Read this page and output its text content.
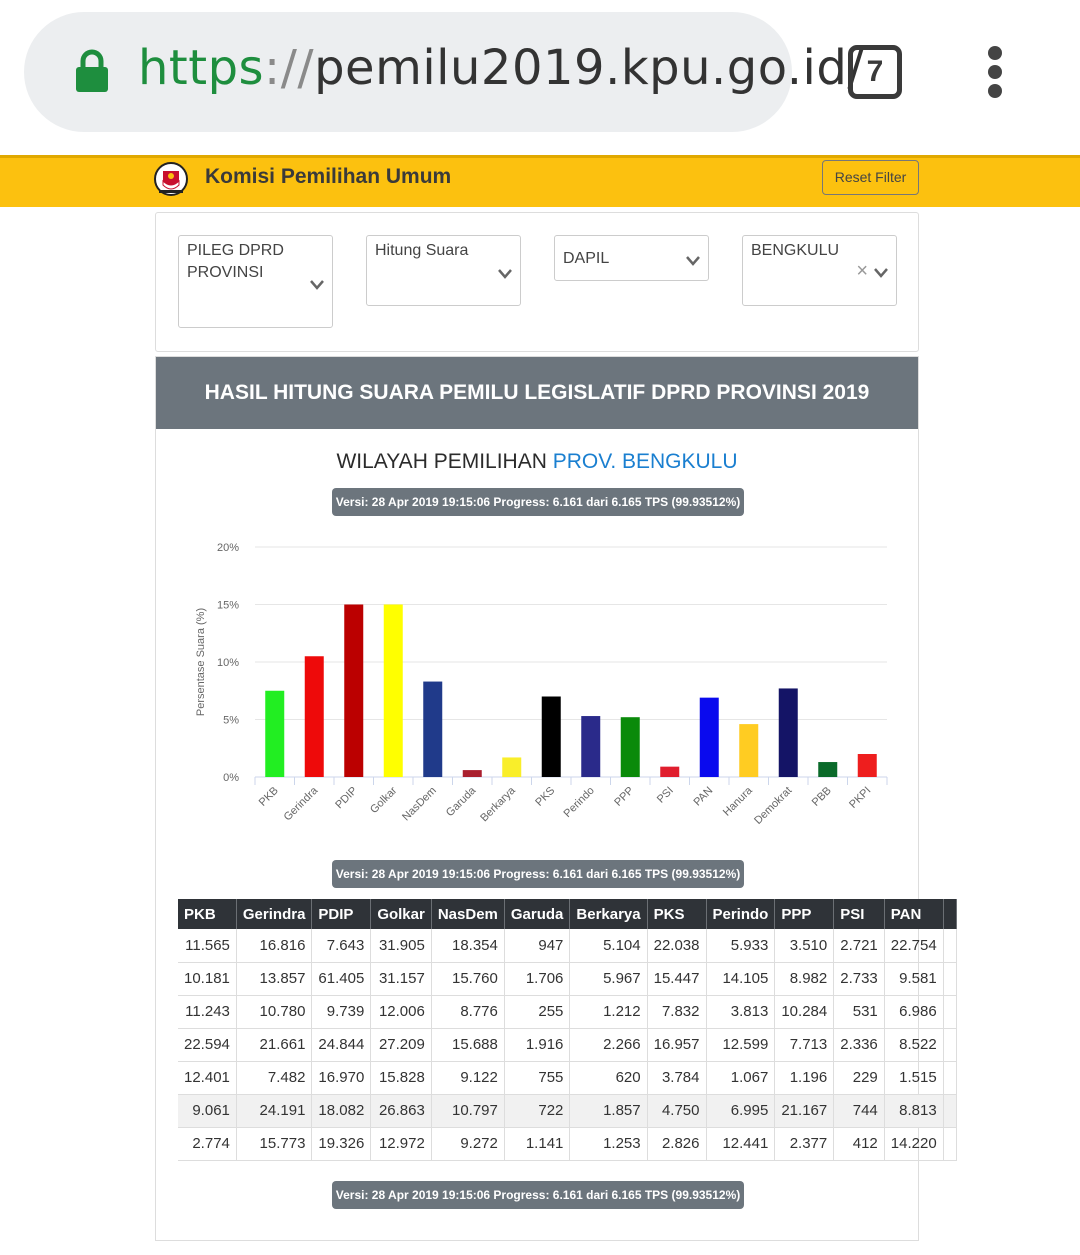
https://pemilu2019.kpu.go.id/ 7
Komisi Pemilihan Umum	Reset Filter
PILEG DPRD PROVINSI
Hitung Suara	DAPIL	BENGKULU
×
HASIL HITUNG SUARA PEMILU LEGISLATIF DPRD PROVINSI 2019
WILAYAH PEMILIHAN PROV. BENGKULU
Versi: 28 Apr 2019 19:15:06 Progress: 6.161 dari 6.165 TPS (99.93512%)
0%
5%
10%
15%
20%
Persentase Suara (%)
PKB Gerindra PDIP Golkar NasDem Garuda Berkarya PKS Perindo PPP PSI PAN Hanura
Demokrat PBB PKPI
Versi: 28 Apr 2019 19:15:06 Progress: 6.161 dari 6.165 TPS (99.93512%)
PKB	Gerindra	PDIP	Golkar	NasDem	Garuda	Berkarya	PKS	Perindo	PPP	PSI	PAN	
11.565	16.816	7.643	31.905	18.354	947	5.104	22.038	5.933	3.510	2.721	22.754	
10.181	13.857	61.405	31.157	15.760	1.706	5.967	15.447	14.105	8.982	2.733	9.581	
11.243	10.780	9.739	12.006	8.776	255	1.212	7.832	3.813	10.284	531	6.986	
22.594	21.661	24.844	27.209	15.688	1.916	2.266	16.957	12.599	7.713	2.336	8.522	
12.401	7.482	16.970	15.828	9.122	755	620	3.784	1.067	1.196	229	1.515	
9.061	24.191	18.082	26.863	10.797	722	1.857	4.750	6.995	21.167	744	8.813	
2.774	15.773	19.326	12.972	9.272	1.141	1.253	2.826	12.441	2.377	412	14.220	
Versi: 28 Apr 2019 19:15:06 Progress: 6.161 dari 6.165 TPS (99.93512%)
